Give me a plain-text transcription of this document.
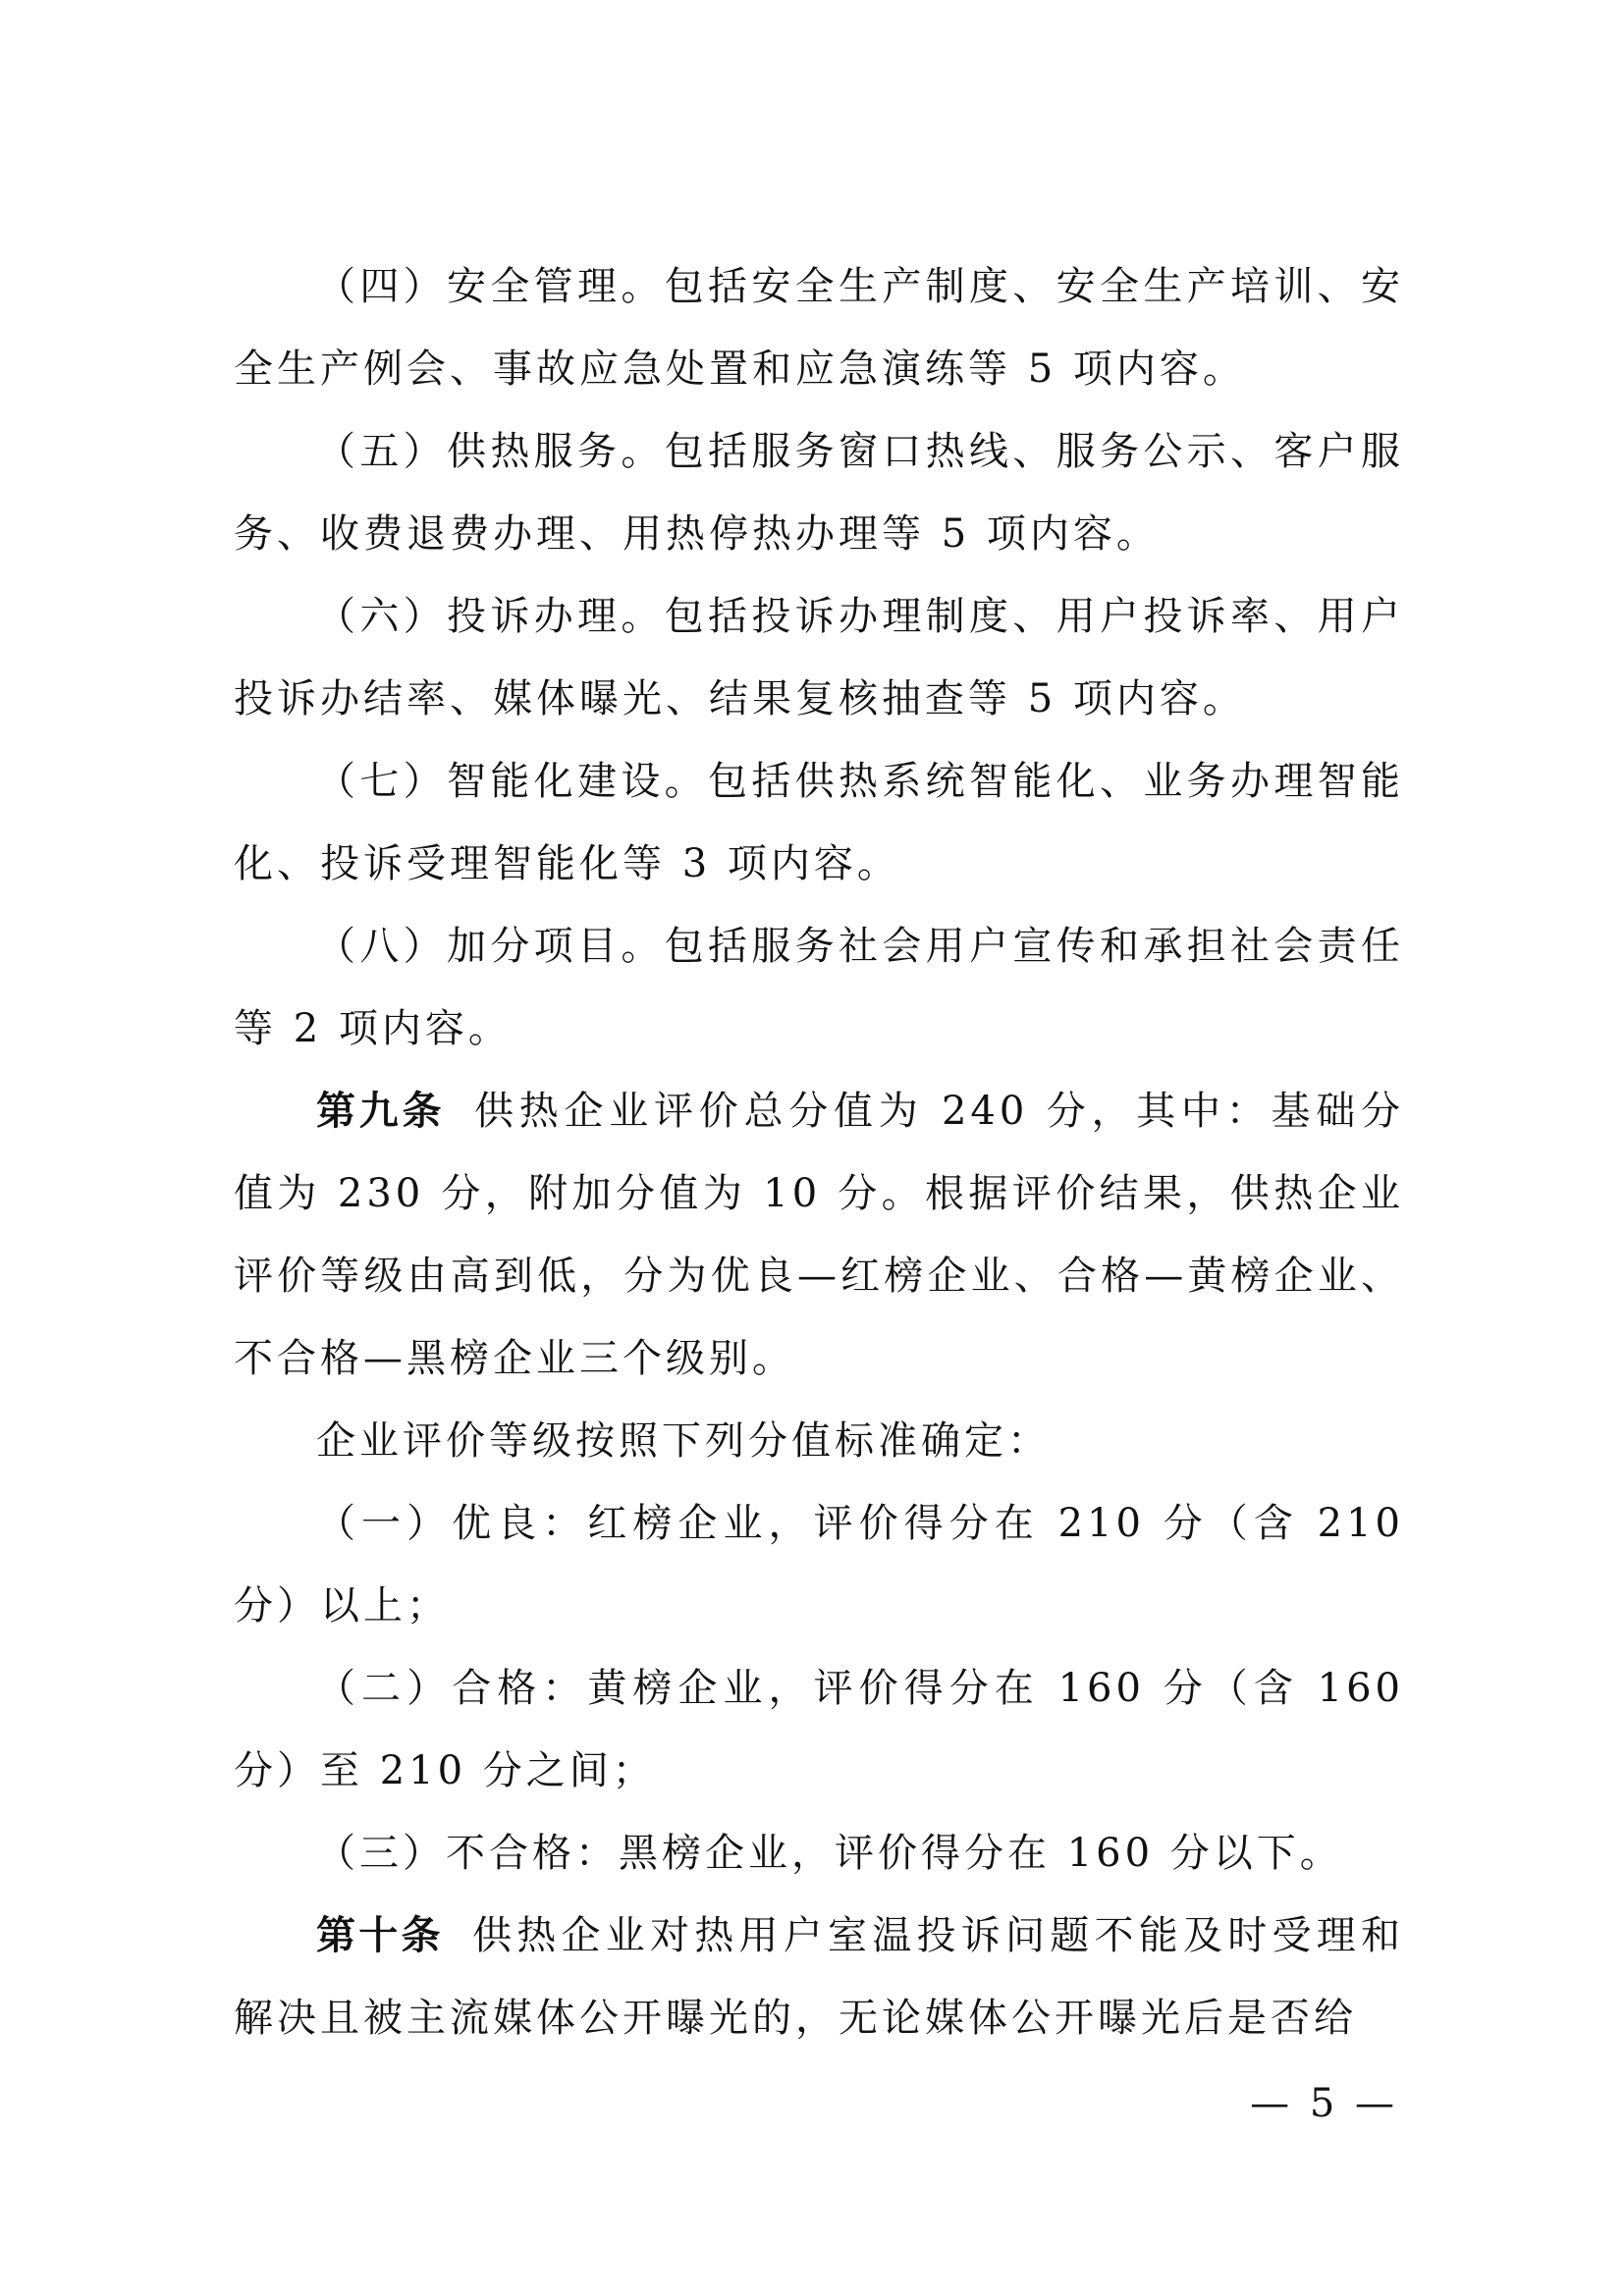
（四）安全管理。包括安全生产制度、安全生产培训、安全生产例会、事故应急处置和应急演练等 5 项内容。

（五）供热服务。包括服务窗口热线、服务公示、客户服务、收费退费办理、用热停热办理等 5 项内容。

（六）投诉办理。包括投诉办理制度、用户投诉率、用户投诉办结率、媒体曝光、结果复核抽查等 5 项内容。

（七）智能化建设。包括供热系统智能化、业务办理智能化、投诉受理智能化等 3 项内容。

（八）加分项目。包括服务社会用户宣传和承担社会责任等 2 项内容。

第九条 供热企业评价总分值为 240 分，其中：基础分值为 230 分，附加分值为 10 分。根据评价结果，供热企业评价等级由高到低，分为优良—红榜企业、合格—黄榜企业、不合格—黑榜企业三个级别。

企业评价等级按照下列分值标准确定：

（一）优良：红榜企业，评价得分在 210 分（含 210 分）以上；

（二）合格：黄榜企业，评价得分在 160 分（含 160 分）至 210 分之间；

（三）不合格：黑榜企业，评价得分在 160 分以下。

第十条 供热企业对热用户室温投诉问题不能及时受理和解决且被主流媒体公开曝光的，无论媒体公开曝光后是否给

— 5 —
